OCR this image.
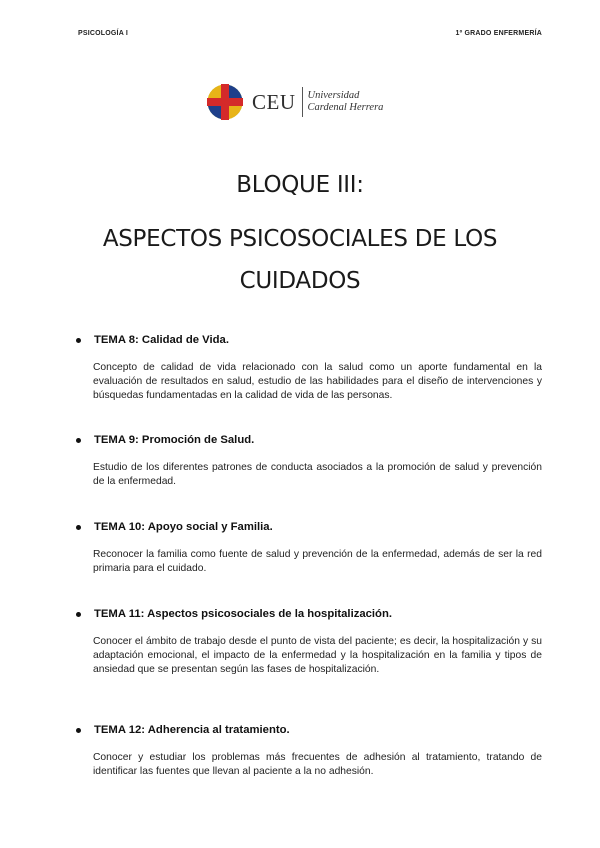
PSICOLOGÍA I	1º GRADO ENFERMERÍA
CEU Universidad
Cardenal Herrera
BLOQUE III:
ASPECTOS PSICOSOCIALES DE LOS
CUIDADOS
TEMA 8: Calidad de Vida.
Concepto de calidad de vida relacionado con la salud como un aporte fundamental en la evaluación de resultados en salud, estudio de las habilidades para el diseño de intervenciones y búsquedas fundamentadas en la calidad de vida de las personas.
TEMA 9: Promoción de Salud.
Estudio de los diferentes patrones de conducta asociados a la promoción de salud y prevención de la enfermedad.
TEMA 10: Apoyo social y Familia.
Reconocer la familia como fuente de salud y prevención de la enfermedad, además de ser la red primaria para el cuidado.
TEMA 11: Aspectos psicosociales de la hospitalización.
Conocer el ámbito de trabajo desde el punto de vista del paciente; es decir, la hospitalización y su adaptación emocional, el impacto de la enfermedad y la hospitalización en la familia y tipos de ansiedad que se presentan según las fases de hospitalización.
TEMA 12: Adherencia al tratamiento.
Conocer y estudiar los problemas más frecuentes de adhesión al tratamiento, tratando de identificar las fuentes que llevan al paciente a la no adhesión.
